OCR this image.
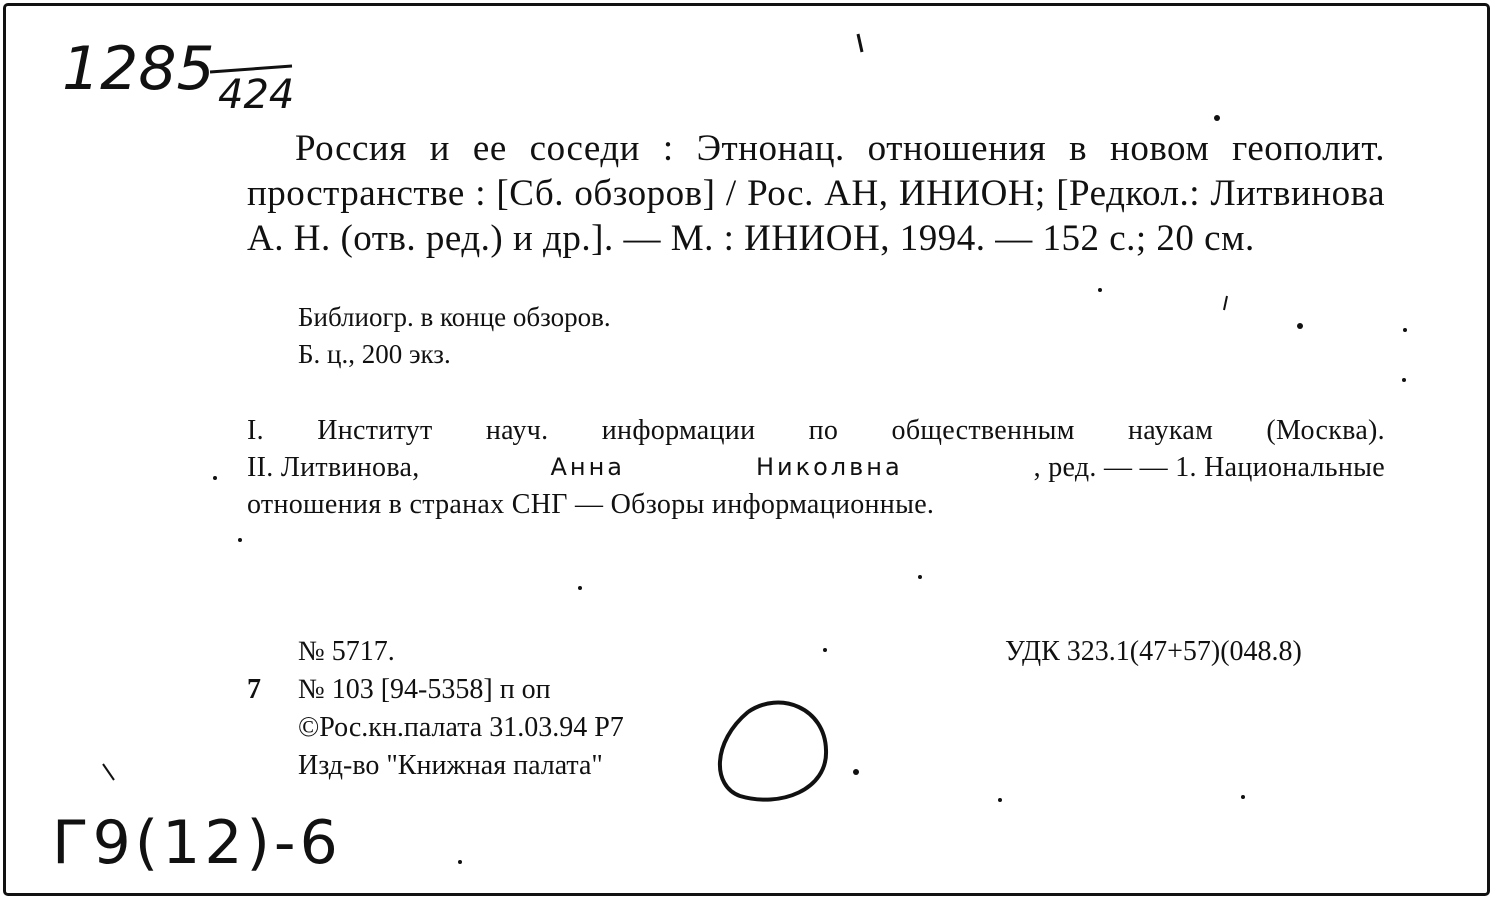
1285 424
Россия и ее соседи : Этнонац. отношения в новом геополит. пространстве : [Сб. обзоров] / Рос. АН, ИНИОН; [Редкол.: Литвинова А. Н. (отв. ред.) и др.]. — М. : ИНИОН, 1994. — 152 с.; 20 см.
Библиогр. в конце обзоров.
Б. ц., 200 экз.
I. Институт науч. информации по общественным наукам (Москва).
II. Литвинова,	Анна	Николвна	, ред. — — 1. Национальные
отношения в странах СНГ — Обзоры информационные.
№ 5717.	УДК 323.1(47+57)(048.8)
7 № 103 [94-5358] п оп
©Рос.кн.палата 31.03.94 Р7
Изд-во "Книжная палата"
Г9(12)-6
